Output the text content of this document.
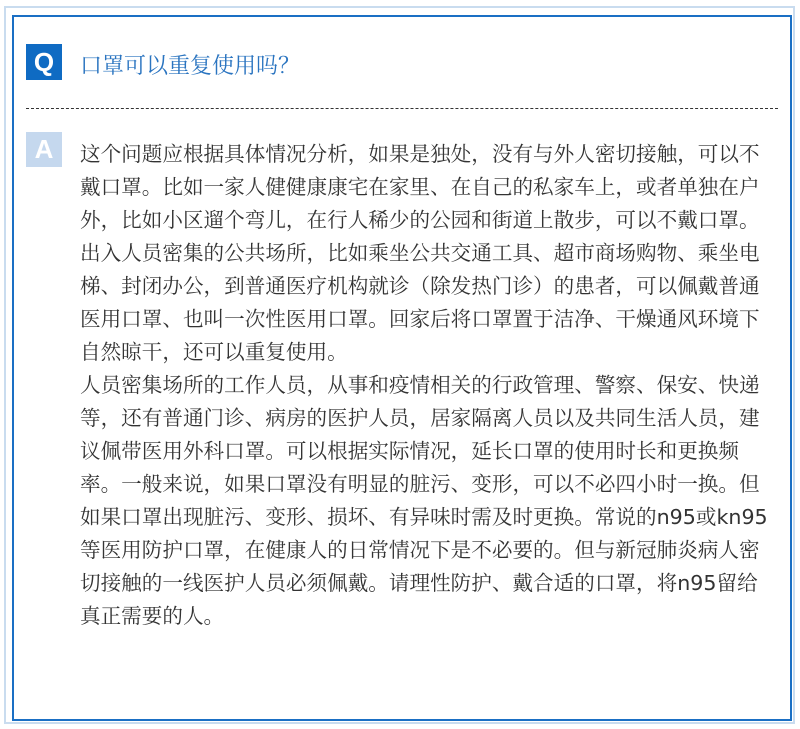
Q	口罩可以重复使用吗？
A	这个问题应根据具体情况分析，如果是独处，没有与外人密切接触，可以不
戴口罩。比如一家人健健康康宅在家里、在自己的私家车上，或者单独在户
外，比如小区遛个弯儿，在行人稀少的公园和街道上散步，可以不戴口罩。
出入人员密集的公共场所，比如乘坐公共交通工具、超市商场购物、乘坐电
梯、封闭办公，到普通医疗机构就诊（除发热门诊）的患者，可以佩戴普通
医用口罩、也叫一次性医用口罩。回家后将口罩置于洁净、干燥通风环境下
自然晾干，还可以重复使用。
人员密集场所的工作人员，从事和疫情相关的行政管理、警察、保安、快递
等，还有普通门诊、病房的医护人员，居家隔离人员以及共同生活人员，建
议佩带医用外科口罩。可以根据实际情况，延长口罩的使用时长和更换频
率。一般来说，如果口罩没有明显的脏污、变形，可以不必四小时一换。但
如果口罩出现脏污、变形、损坏、有异味时需及时更换。常说的n95或kn95
等医用防护口罩，在健康人的日常情况下是不必要的。但与新冠肺炎病人密
切接触的一线医护人员必须佩戴。请理性防护、戴合适的口罩，将n95留给
真正需要的人。
